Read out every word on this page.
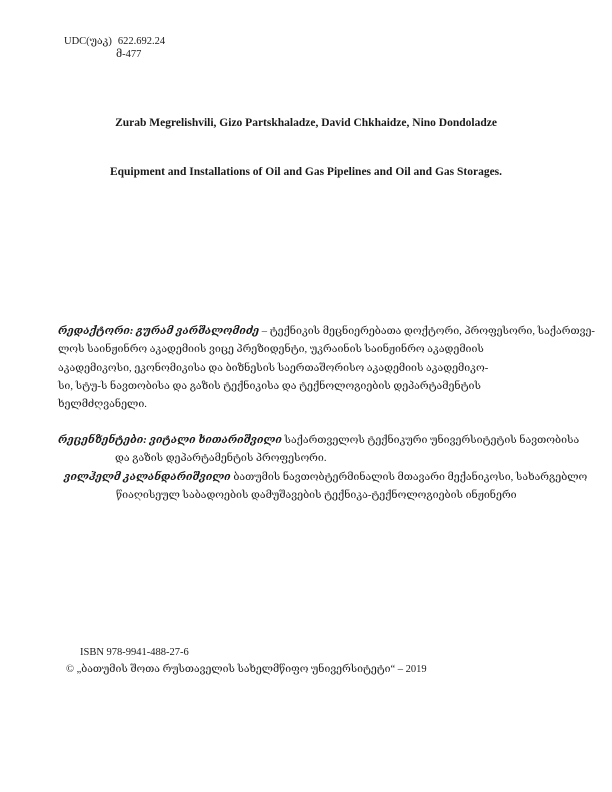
UDC(უაკ) 622.692.24
მ-477
Zurab Megrelishvili, Gizo Partskhaladze, David Chkhaidze, Nino Dondoladze
Equipment and Installations of Oil and Gas Pipelines and Oil and Gas Storages.
რედაქტორი: გურამ ვარშალომიძე – ტექნიკის მეცნიერებათა დოქტორი, პროფესორი, საქართვე-
ლოს საინჟინრო აკადემიის ვიცე პრეზიდენტი, უკრაინის საინჟინრო აკადემიის
აკადემიკოსი, ეკონომიკისა და ბიზნესის საერთაშორისო აკადემიის აკადემიკო-
სი, სტუ-ს ნავთობისა და გაზის ტექნიკისა და ტექნოლოგიების დეპარტამენტის
ხელმძღვანელი.
რეცენზენტები: ვიტალი ხითარიშვილი საქართველოს ტექნიკური უნივერსიტეტის ნავთობისა
და გაზის დეპარტამენტის პროფესორი.
ვილჰელმ კალანდარიშვილი ბათუმის ნავთობტერმინალის მთავარი მექანიკოსი, სახარგებლო
წიაღისეულ საბადოების დამუშავების ტექნიკა-ტექნოლოგიების ინჟინერი
ISBN 978-9941-488-27-6
© „ბათუმის შოთა რუსთაველის სახელმწიფო უნივერსიტეტი“ – 2019
